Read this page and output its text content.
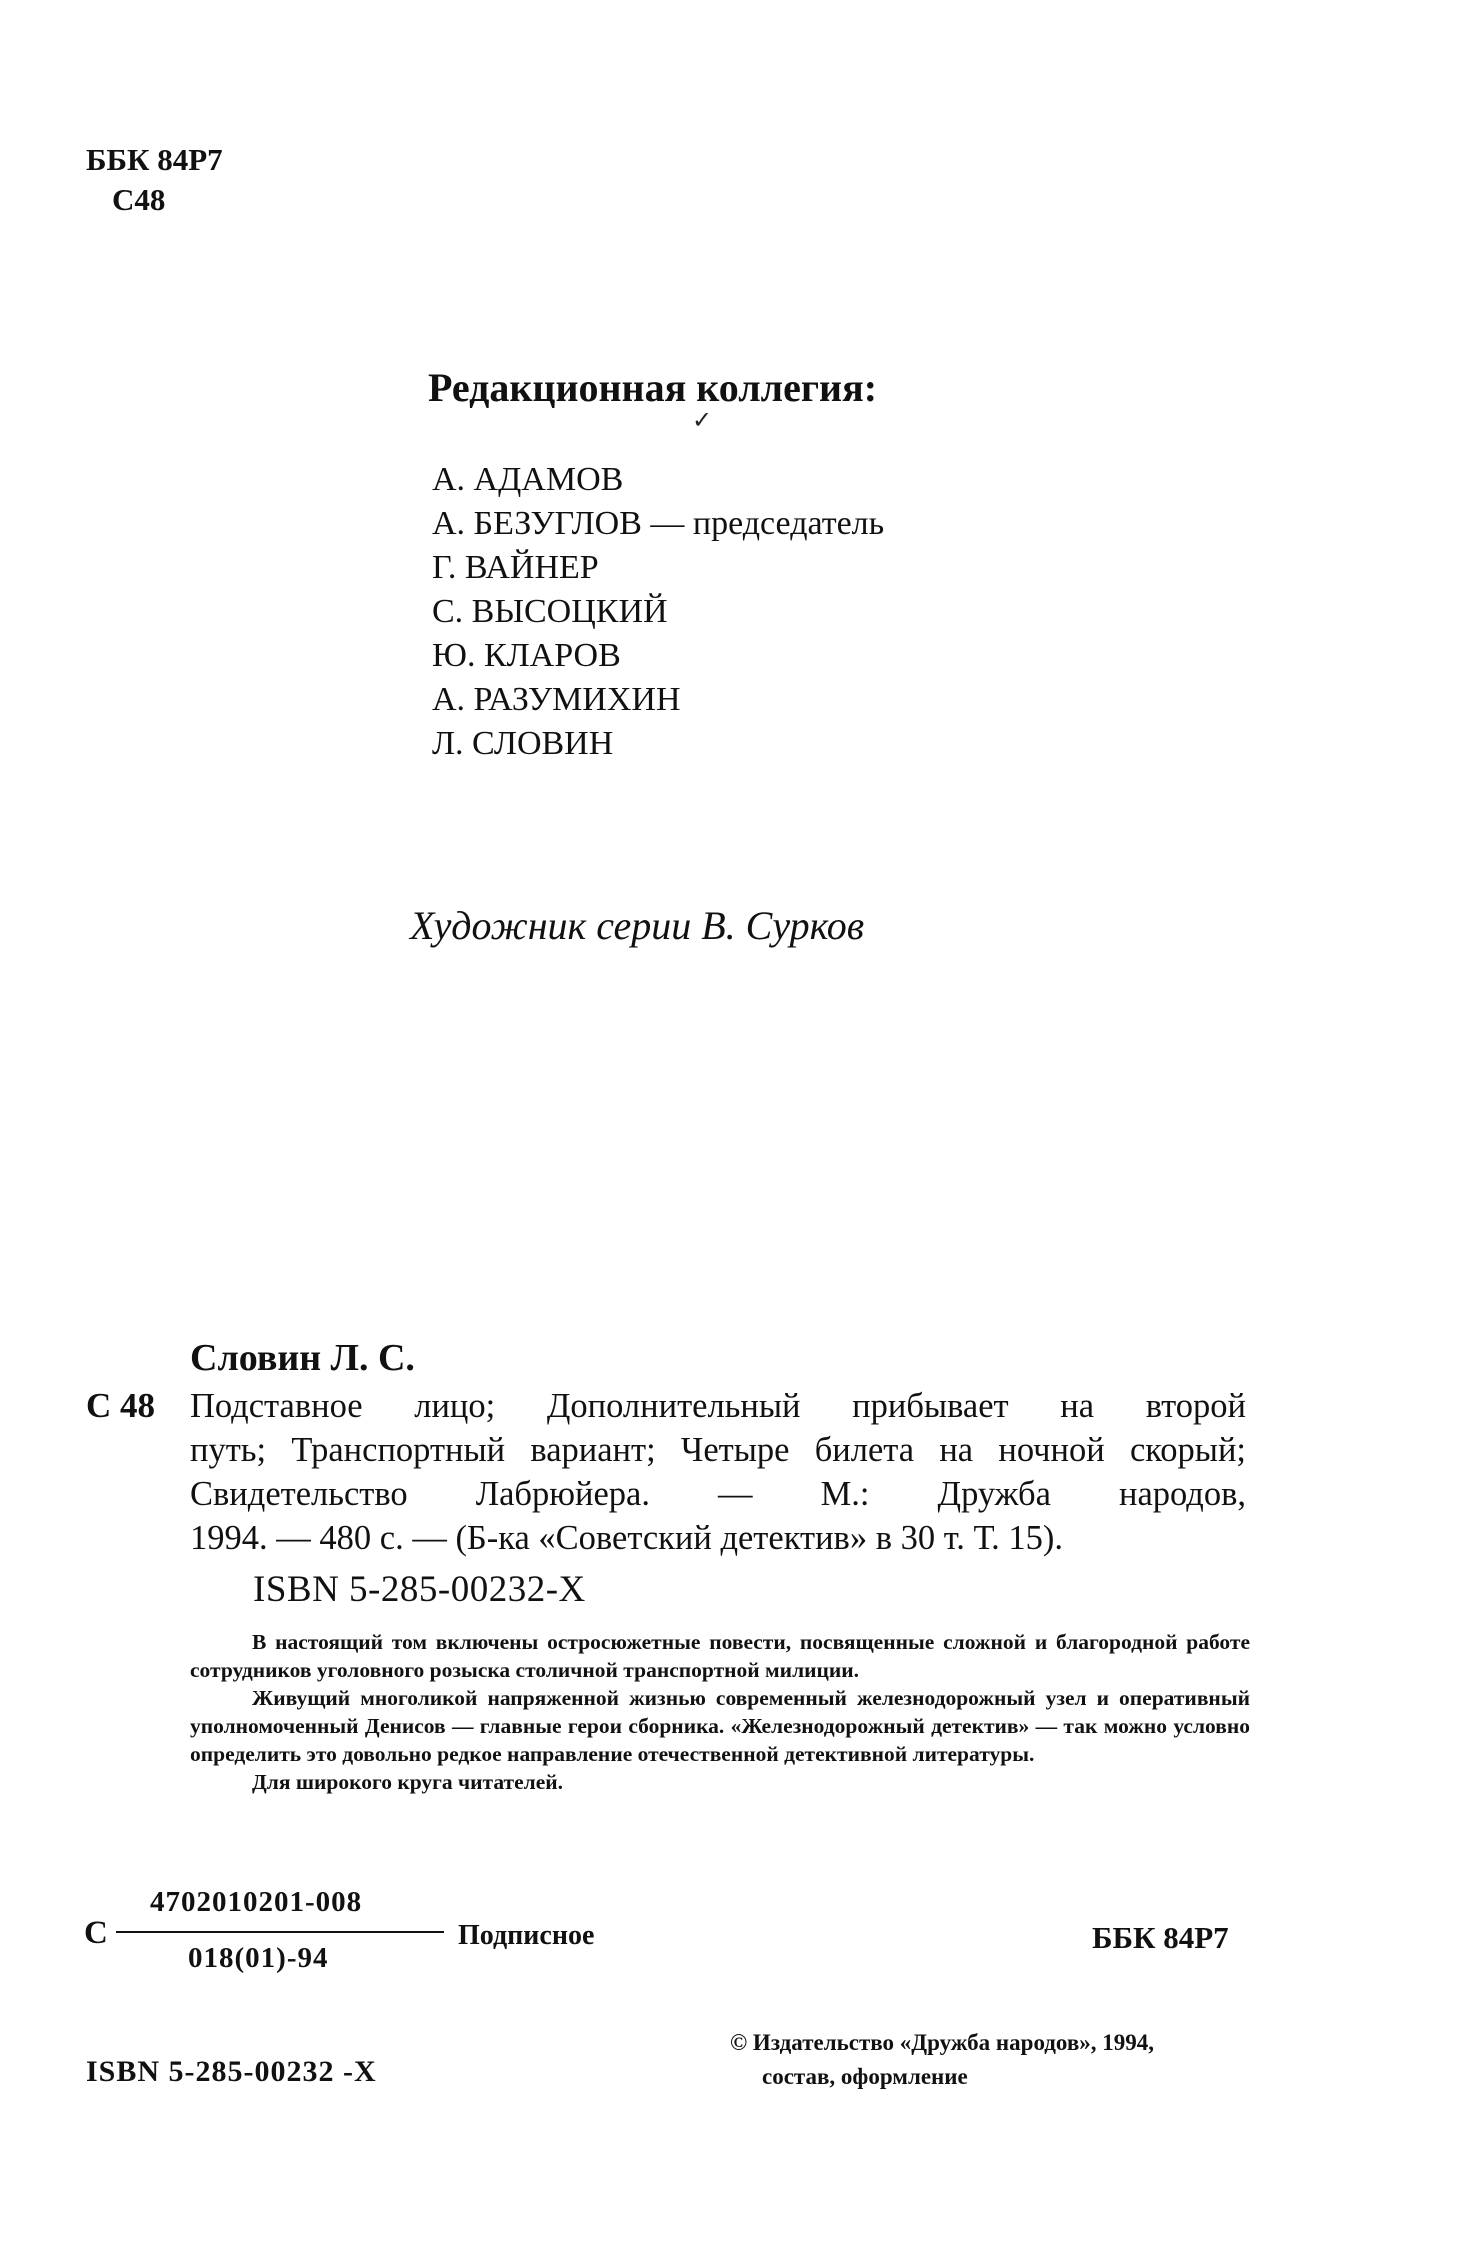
ББК 84Р7
С48
Редакционная коллегия:
✓
А. АДАМОВ
А. БЕЗУГЛОВ — председатель
Г. ВАЙНЕР
С. ВЫСОЦКИЙ
Ю. КЛАРОВ
А. РАЗУМИХИН
Л. СЛОВИН
Художник серии В. Сурков
Словин Л. С.
С 48 Подставное лицо; Дополнительный прибывает на второй
путь; Транспортный вариант; Четыре билета на ночной скорый;
Свидетельство Лабрюйера. — М.: Дружба народов,
1994. — 480 с. — (Б-ка «Советский детектив» в 30 т. Т. 15).
ISBN 5-285-00232-X
В настоящий том включены остросюжетные повести, посвященные сложной и благородной работе сотрудников уголовного розыска столичной транспортной милиции.
Живущий многоликой напряженной жизнью современный железнодорожный узел и оперативный уполномоченный Денисов — главные герои сборника. «Железнодорожный детектив» — так можно условно определить это довольно редкое направление отечественной детективной литературы.
Для широкого круга читателей.
С
4702010201-008
018(01)-94
Подписное	ББК 84Р7
ISBN 5-285-00232 -X
© Издательство «Дружба народов», 1994,
состав, оформление
